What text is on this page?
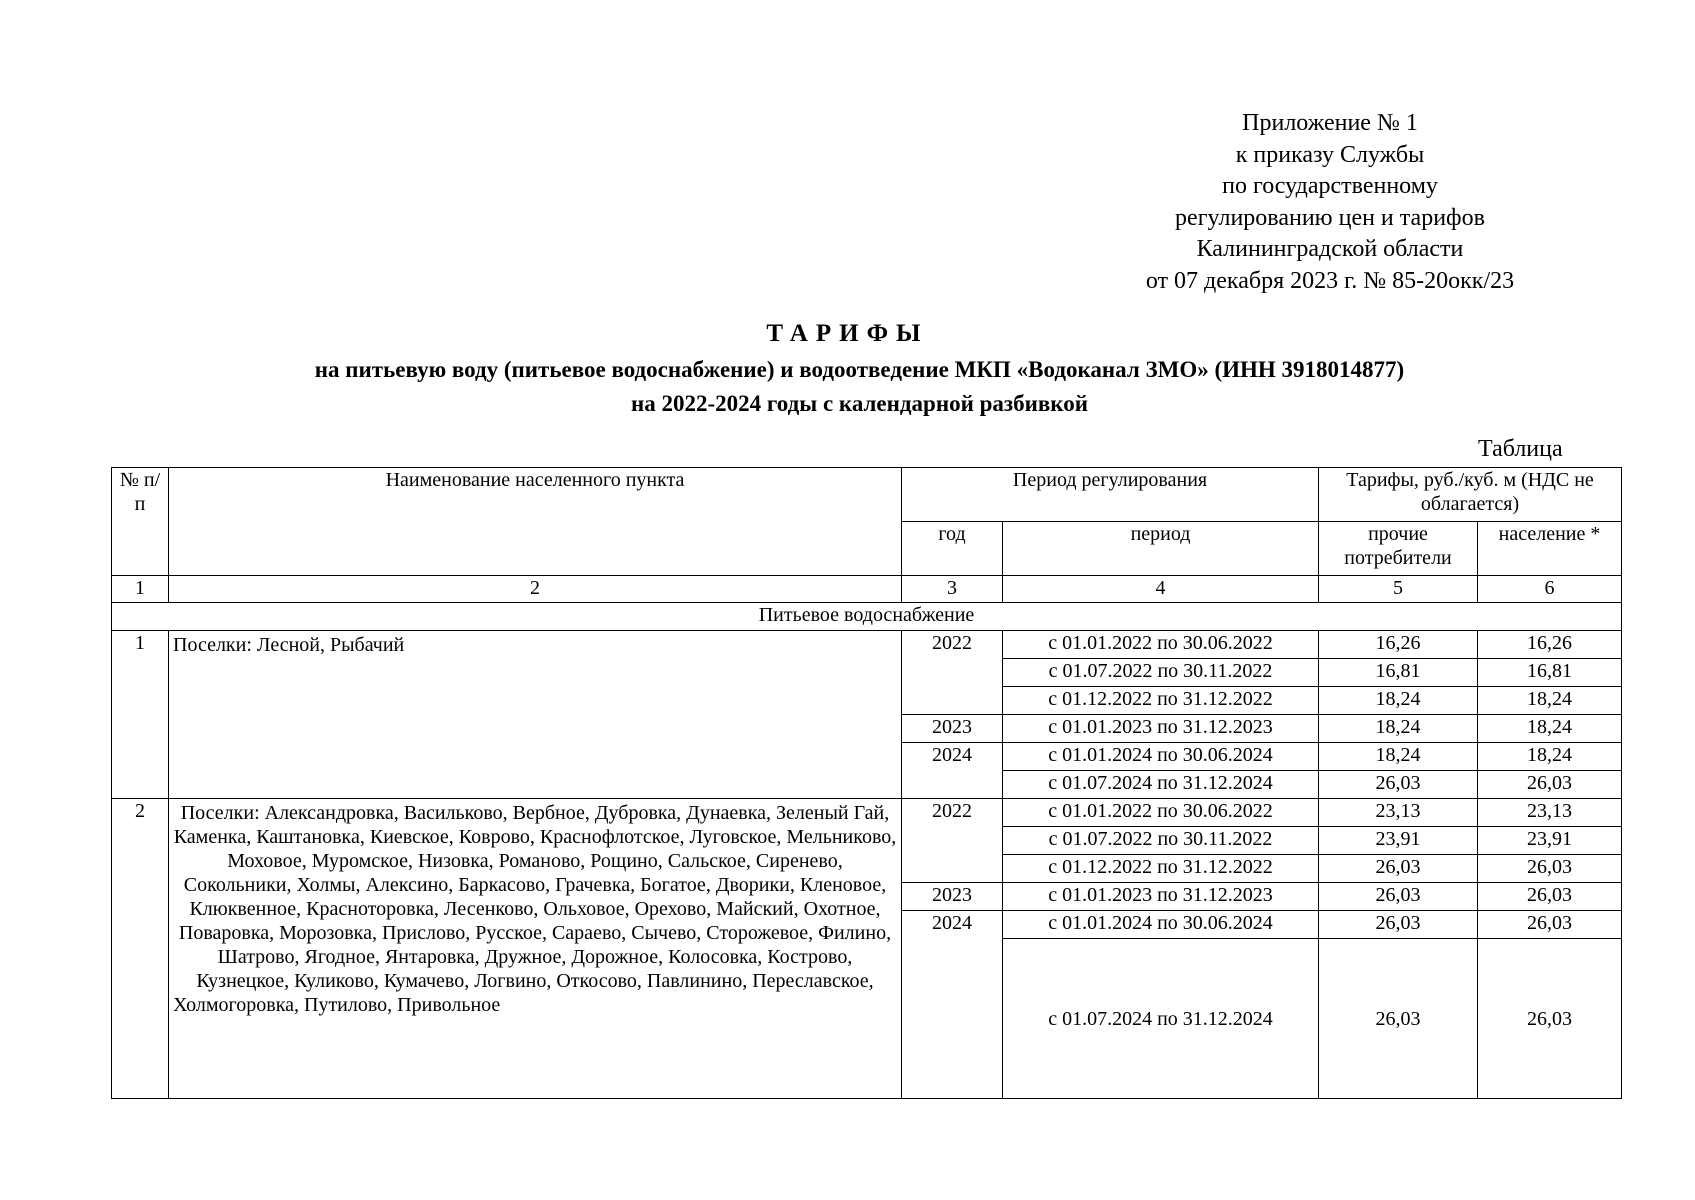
Приложение № 1
к приказу Службы
по государственному
регулированию цен и тарифов
Калининградской области
от 07 декабря 2023 г. № 85-20окк/23
ТАРИФЫ
на питьевую воду (питьевое водоснабжение) и водоотведение МКП «Водоканал ЗМО» (ИНН 3918014877)
на 2022-2024 годы с календарной разбивкой
Таблица
№ п/п	Наименование населенного пункта	Период регулирования		Тарифы, руб./куб. м (НДС не облагается)	
		год	период	прочие потребители	население *
1	2	3	4	5	6
Питьевое водоснабжение					
1	Поселки: Лесной, Рыбачий	2022	с 01.01.2022 по 30.06.2022	16,26	16,26
			с 01.07.2022 по 30.11.2022	16,81	16,81
			с 01.12.2022 по 31.12.2022	18,24	18,24
		2023	с 01.01.2023 по 31.12.2023	18,24	18,24
		2024	с 01.01.2024 по 30.06.2024	18,24	18,24
			с 01.07.2024 по 31.12.2024	26,03	26,03
2	Поселки: Александровка, Васильково, Вербное, Дубровка, Дунаевка, Зеленый Гай, Каменка, Каштановка, Киевское, Коврово, Краснофлотское, Луговское, Мельниково, Моховое, Муромское, Низовка, Романово, Рощино, Сальское, Сиренево, Сокольники, Холмы, Алексино, Баркасово, Грачевка, Богатое, Дворики, Кленовое, Клюквенное, Красноторовка, Лесенково, Ольховое, Орехово, Майский, Охотное, Поваровка, Морозовка, Прислово, Русское, Сараево, Сычево, Сторожевое, Филино, Шатрово, Ягодное, Янтаровка, Дружное, Дорожное, Колосовка, Кострово, Кузнецкое, Куликово, Кумачево, Логвино, Откосово, Павлинино, Переславское, Холмогоровка, Путилово, Привольное	2022	с 01.01.2022 по 30.06.2022	23,13	23,13
			с 01.07.2022 по 30.11.2022	23,91	23,91
			с 01.12.2022 по 31.12.2022	26,03	26,03
		2023	с 01.01.2023 по 31.12.2023	26,03	26,03
		2024	с 01.01.2024 по 30.06.2024	26,03	26,03
			с 01.07.2024 по 31.12.2024	26,03	26,03
